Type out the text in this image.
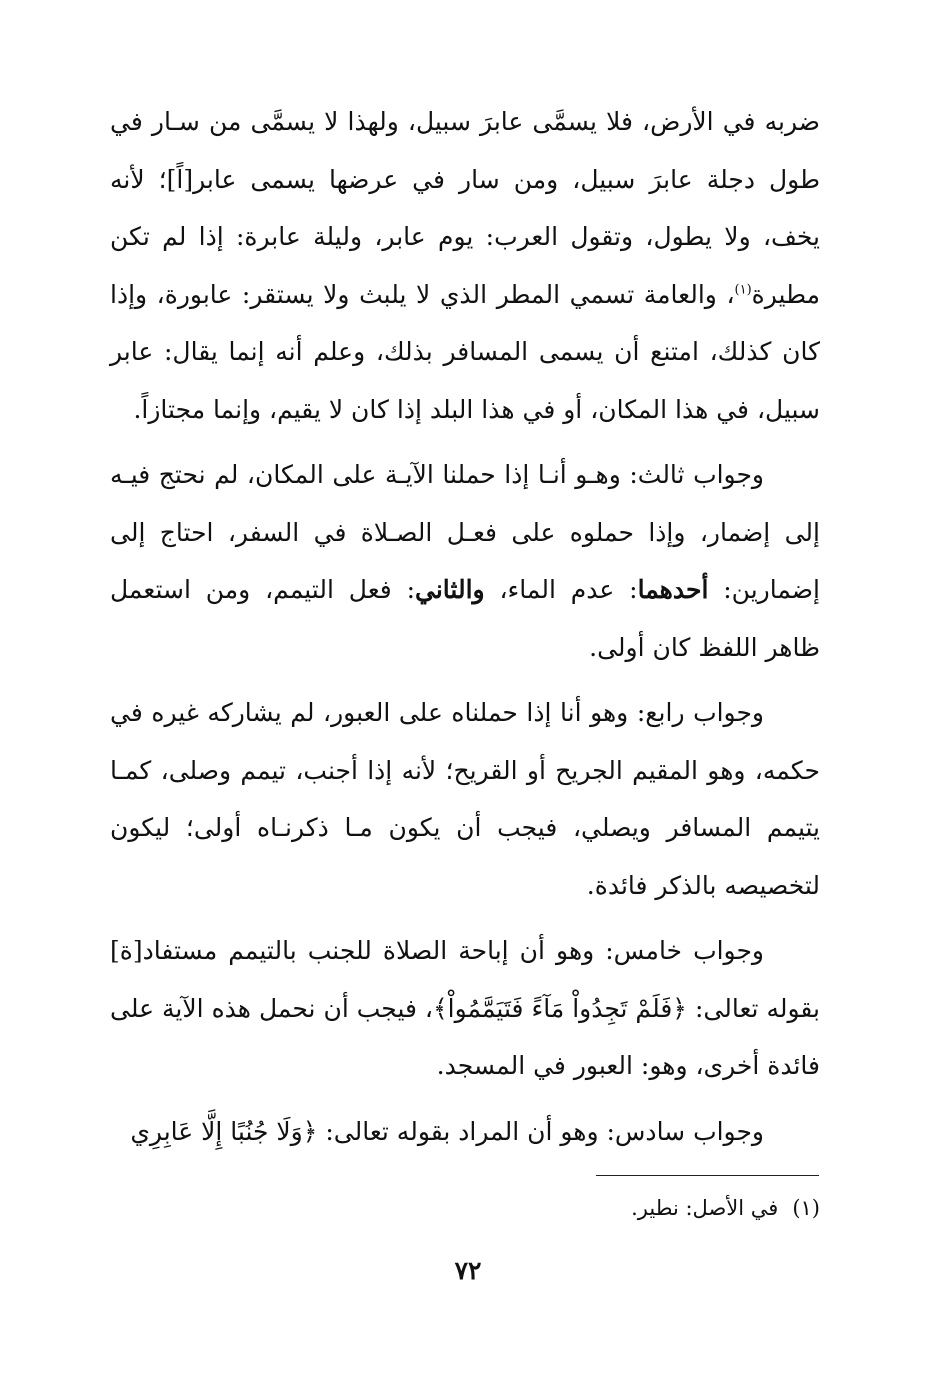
ضربه في الأرض، فلا يسمَّى عابرَ سبيل، ولهذا لا يسمَّى من سـار في طول دجلة عابرَ سبيل، ومن سار في عرضها يسمى عابر[اً]؛ لأنه يخف، ولا يطول، وتقول العرب: يوم عابر، وليلة عابرة: إذا لم تكن مطيرة$^{(١)}$، والعامة تسمي المطر الذي لا يلبث ولا يستقر: عابورة، وإذا كان كذلك، امتنع أن يسمى المسافر بذلك، وعلم أنه إنما يقال: عابر سبيل، في هذا المكان، أو في هذا البلد إذا كان لا يقيم، وإنما مجتازاً.

وجواب ثالث: وهـو أنـا إذا حملنا الآيـة على المكان، لم نحتج فيـه إلى إضمار، وإذا حملوه على فعـل الصـلاة في السفر، احتاج إلى إضمارين: أحدهما: عدم الماء، والثاني: فعل التيمم، ومن استعمل ظاهر اللفظ كان أولى.

وجواب رابع: وهو أنا إذا حملناه على العبور، لم يشاركه غيره في حكمه، وهو المقيم الجريح أو القريح؛ لأنه إذا أجنب، تيمم وصلى، كمـا يتيمم المسافر ويصلي، فيجب أن يكون مـا ذكرنـاه أولى؛ ليكون لتخصيصه بالذكر فائدة.

وجواب خامس: وهو أن إباحة الصلاة للجنب بالتيمم مستفاد[ة] بقوله تعالى: ﴿فَلَمْ تَجِدُواْ مَآءً فَتَيَمَّمُواْ﴾، فيجب أن نحمل هذه الآية على فائدة أخرى، وهو: العبور في المسجد.

وجواب سادس: وهو أن المراد بقوله تعالى: ﴿وَلَا جُنُبًا إِلَّا عَابِرِي

(١)في الأصل: نطير.
٧٢
